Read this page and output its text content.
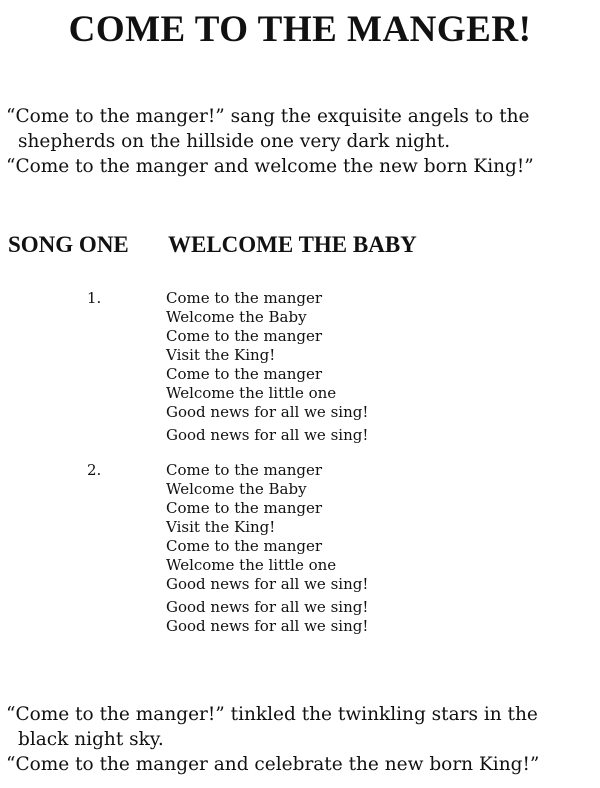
COME TO THE MANGER!

“Come to the manger!” sang the exquisite angels to the

shepherds on the hillside one very dark night.

“Come to the manger and welcome the new born King!”

SONG ONE WELCOME THE BABY
1.	Come to the manger
Welcome the Baby
Come to the manger
Visit the King!
Come to the manger
Welcome the little one
Good news for all we sing!
Good news for all we sing!
2.	Come to the manger
Welcome the Baby
Come to the manger
Visit the King!
Come to the manger
Welcome the little one
Good news for all we sing!
Good news for all we sing!
Good news for all we sing!

“Come to the manger!” tinkled the twinkling stars in the

black night sky.

“Come to the manger and celebrate the new born King!”
